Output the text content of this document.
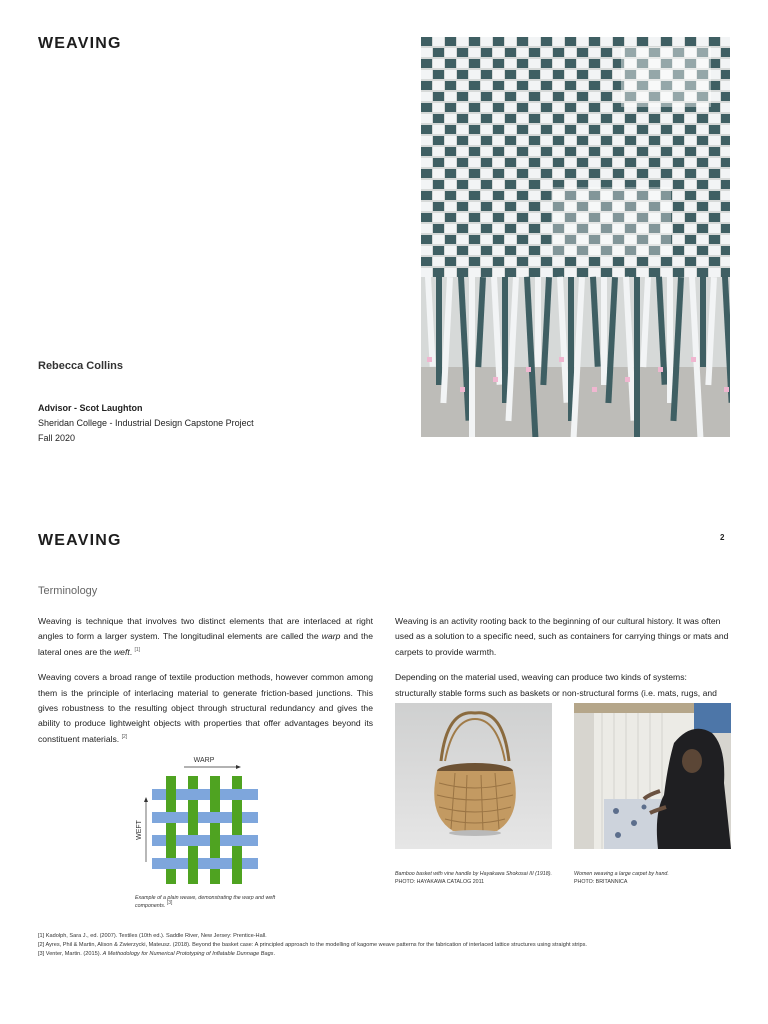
WEAVING
Rebecca Collins
Advisor - Scot Laughton
Sheridan College - Industrial Design Capstone Project
Fall 2020
WEAVING	2
Terminology

Weaving is technique that involves two distinct elements that are interlaced at right angles to form a larger system. The longitudinal elements are called the warp and the lateral ones are the weft. [1]

Weaving covers a broad range of textile production methods, however common among them is the principle of interlacing material to generate friction-based junctions. This gives robustness to the resulting object through structural redundancy and gives the ability to produce lightweight objects with properties that offer advantages beyond its constituent materials. [2]

Weaving is an activity rooting back to the beginning of our cultural history. It was often used as a solution to a specific need, such as containers for carrying things or mats and carpets to provide warmth.

Depending on the material used, weaving can produce two kinds of systems: structurally stable forms such as baskets or non-structural forms (i.e. mats, rugs, and

WARP
WEFT
Example of a plain weave, demonstrating the warp and weft components. [3]
Bamboo basket with vine handle by Hayakawa Shokosai III (1918).
PHOTO: HAYAKAWA CATALOG 2011
Women weaving a large carpet by hand.
PHOTO: BRITANNICA
[1] Kadolph, Sara J., ed. (2007). Textiles (10th ed.). Saddle River, New Jersey: Prentice-Hall.
[2] Ayres, Phil & Martin, Alison & Zwierzycki, Mateusz. (2018). Beyond the basket case: A principled approach to the modelling of kagome weave patterns for the fabrication of interlaced lattice structures using straight strips.
[3] Venter, Martin. (2015). A Methodology for Numerical Prototyping of Inflatable Dunnage Bags.
